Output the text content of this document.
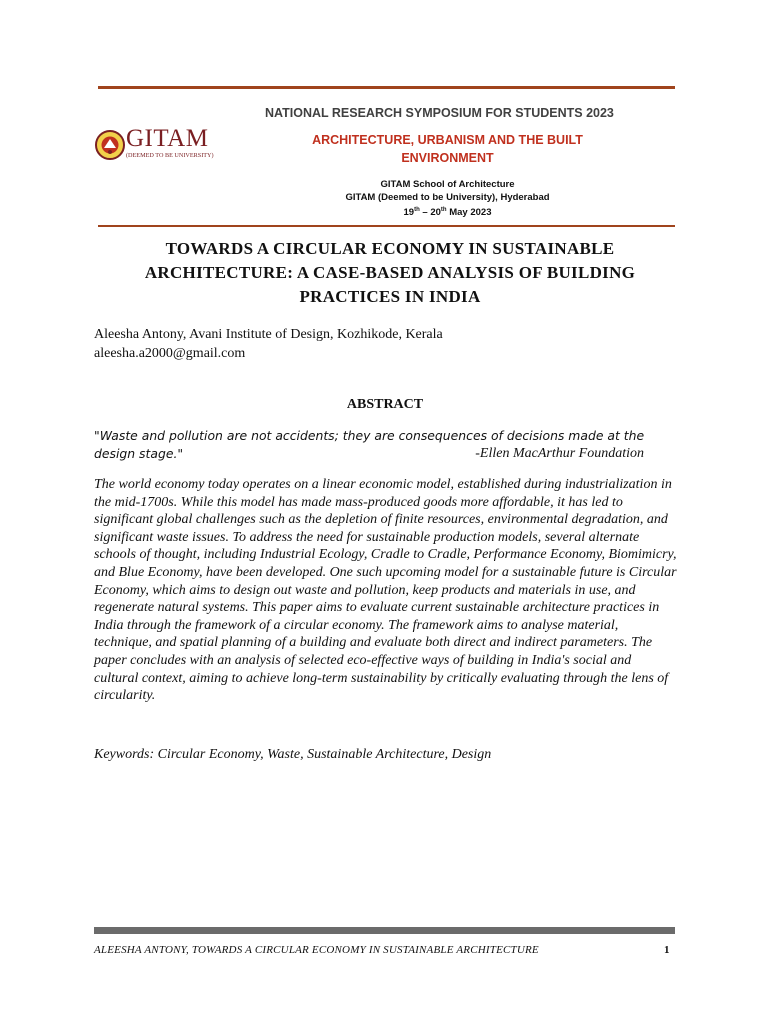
GITAM
(DEEMED TO BE UNIVERSITY)
NATIONAL RESEARCH SYMPOSIUM FOR STUDENTS 2023
ARCHITECTURE, URBANISM AND THE BUILT
ENVIRONMENT
GITAM School of Architecture
GITAM (Deemed to be University), Hyderabad
19th – 20th May 2023
TOWARDS A CIRCULAR ECONOMY IN SUSTAINABLE
ARCHITECTURE: A CASE-BASED ANALYSIS OF BUILDING
PRACTICES IN INDIA
Aleesha Antony, Avani Institute of Design, Kozhikode, Kerala
aleesha.a2000@gmail.com
ABSTRACT
"Waste and pollution are not accidents; they are consequences of decisions made at the
design stage."	-Ellen MacArthur Foundation
The world economy today operates on a linear economic model, established during industrialization in the mid-1700s. While this model has made mass-produced goods more affordable, it has led to significant global challenges such as the depletion of finite resources, environmental degradation, and significant waste issues. To address the need for sustainable production models, several alternate schools of thought, including Industrial Ecology, Cradle to Cradle, Performance Economy, Biomimicry, and Blue Economy, have been developed. One such upcoming model for a sustainable future is Circular Economy, which aims to design out waste and pollution, keep products and materials in use, and regenerate natural systems. This paper aims to evaluate current sustainable architecture practices in India through the framework of a circular economy. The framework aims to analyse material, technique, and spatial planning of a building and evaluate both direct and indirect parameters. The paper concludes with an analysis of selected eco-effective ways of building in India's social and cultural context, aiming to achieve long-term sustainability by critically evaluating through the lens of circularity.
Keywords: Circular Economy, Waste, Sustainable Architecture, Design
ALEESHA ANTONY, TOWARDS A CIRCULAR ECONOMY IN SUSTAINABLE ARCHITECTURE	1
